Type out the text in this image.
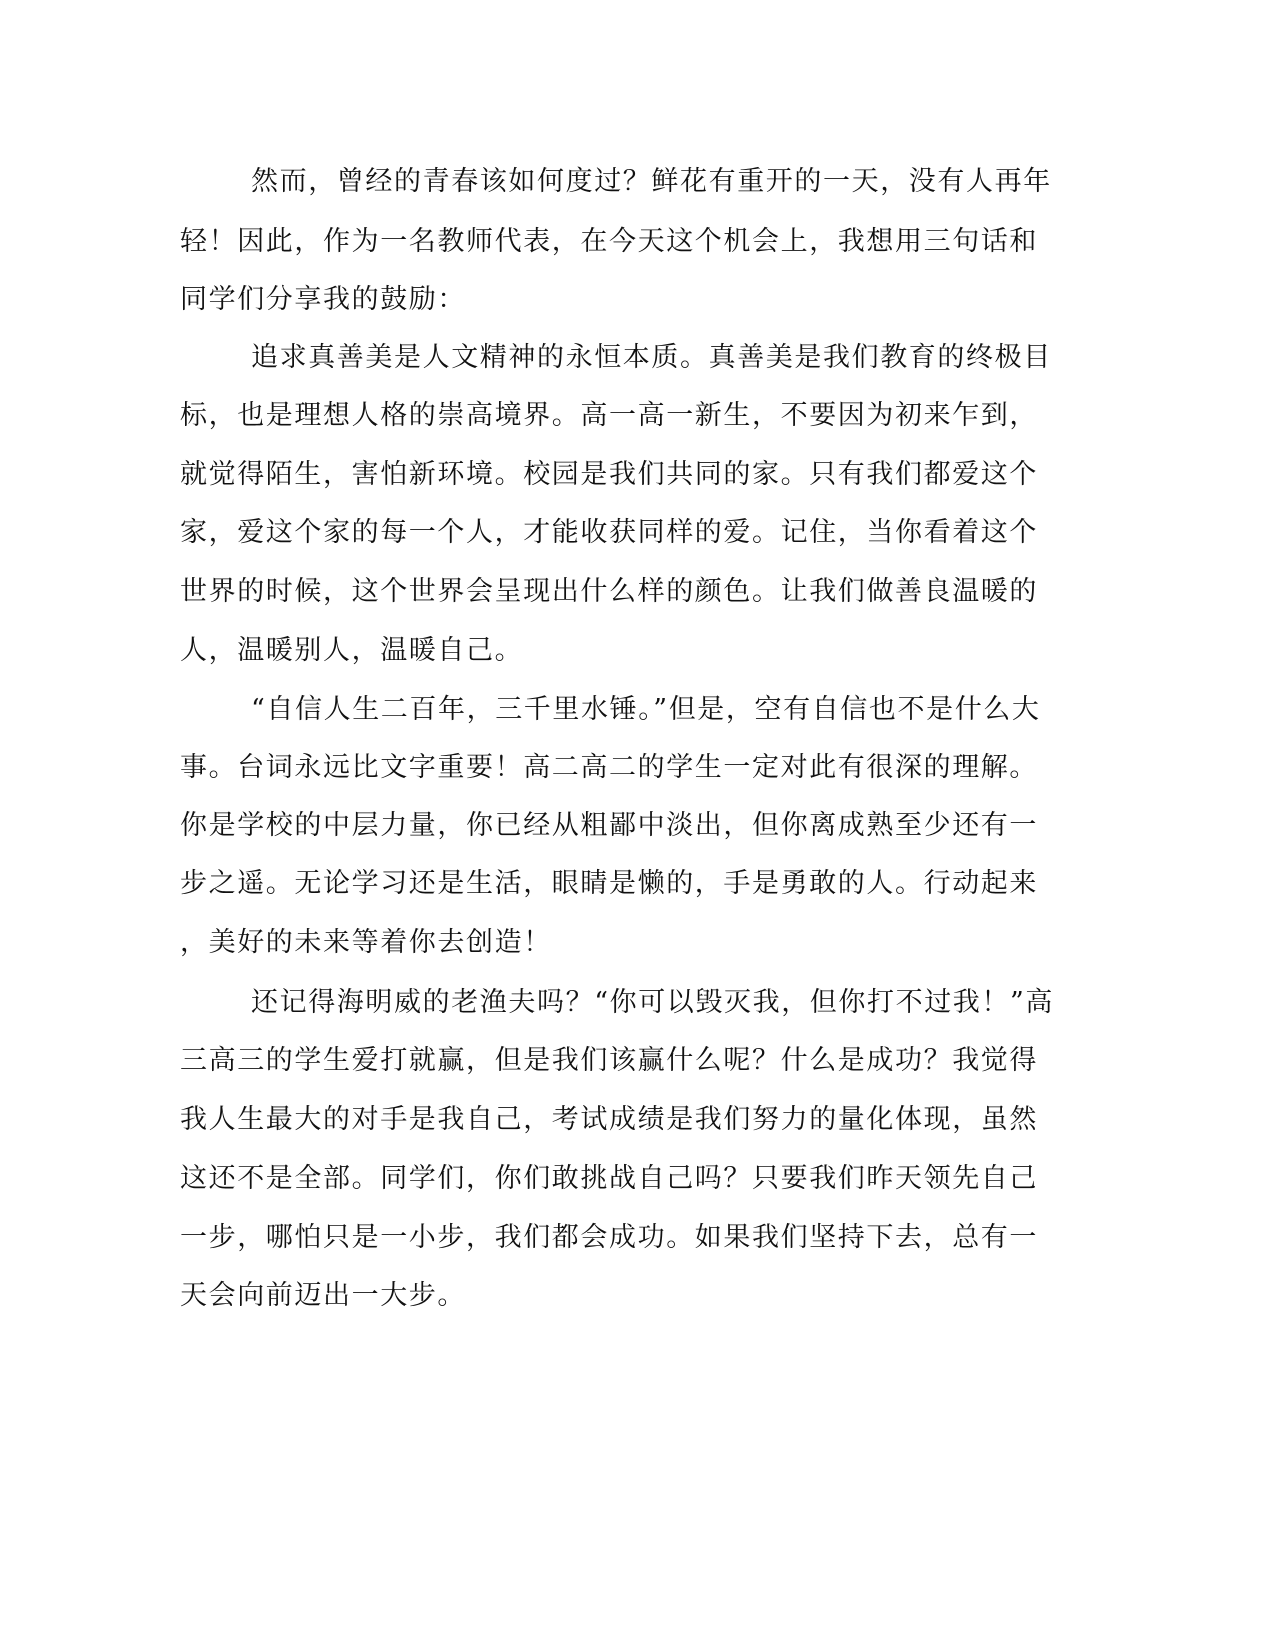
然而，曾经的青春该如何度过？鲜花有重开的一天，没有人再年
轻！因此，作为一名教师代表，在今天这个机会上，我想用三句话和
同学们分享我的鼓励：
追求真善美是人文精神的永恒本质。真善美是我们教育的终极目
标，也是理想人格的崇高境界。高一高一新生，不要因为初来乍到，
就觉得陌生，害怕新环境。校园是我们共同的家。只有我们都爱这个
家，爱这个家的每一个人，才能收获同样的爱。记住，当你看着这个
世界的时候，这个世界会呈现出什么样的颜色。让我们做善良温暖的
人，温暖别人，温暖自己。
“自信人生二百年，三千里水锤。”但是，空有自信也不是什么大
事。台词永远比文字重要！高二高二的学生一定对此有很深的理解。
你是学校的中层力量，你已经从粗鄙中淡出，但你离成熟至少还有一
步之遥。无论学习还是生活，眼睛是懒的，手是勇敢的人。行动起来
，美好的未来等着你去创造！
还记得海明威的老渔夫吗？“你可以毁灭我，但你打不过我！”高
三高三的学生爱打就赢，但是我们该赢什么呢？什么是成功？我觉得
我人生最大的对手是我自己，考试成绩是我们努力的量化体现，虽然
这还不是全部。同学们，你们敢挑战自己吗？只要我们昨天领先自己
一步，哪怕只是一小步，我们都会成功。如果我们坚持下去，总有一
天会向前迈出一大步。
